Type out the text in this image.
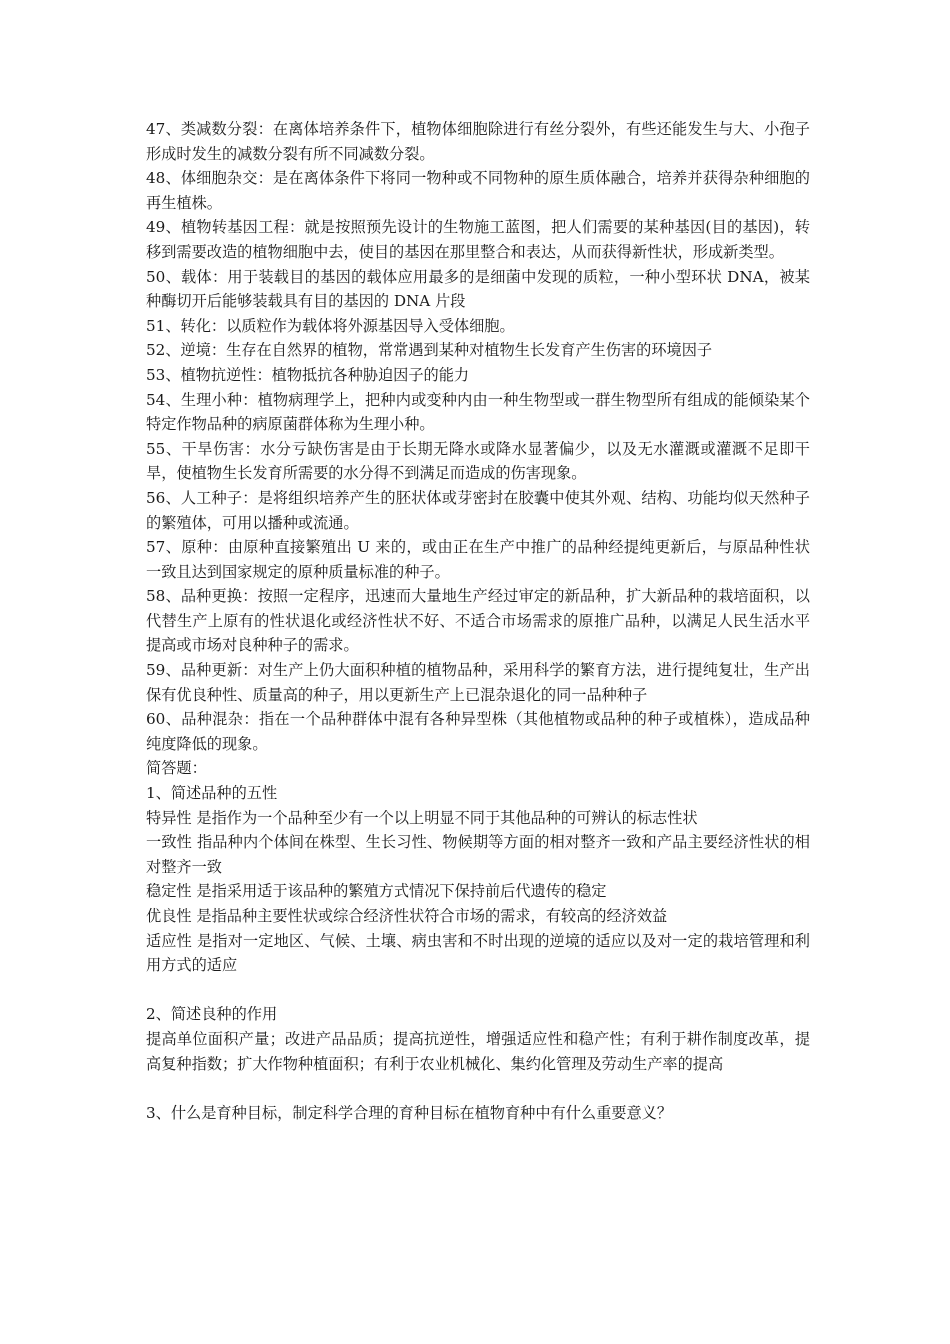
47、类减数分裂：在离体培养条件下，植物体细胞除进行有丝分裂外，有些还能发生与大、小孢子形成时发生的减数分裂有所不同减数分裂。

48、体细胞杂交：是在离体条件下将同一物种或不同物种的原生质体融合，培养并获得杂种细胞的再生植株。

49、植物转基因工程：就是按照预先设计的生物施工蓝图，把人们需要的某种基因(目的基因)，转移到需要改造的植物细胞中去，使目的基因在那里整合和表达，从而获得新性状，形成新类型。

50、载体：用于装载目的基因的载体应用最多的是细菌中发现的质粒，一种小型环状 DNA，被某种酶切开后能够装载具有目的基因的 DNA 片段

51、转化：以质粒作为载体将外源基因导入受体细胞。

52、逆境：生存在自然界的植物，常常遇到某种对植物生长发育产生伤害的环境因子

53、植物抗逆性：植物抵抗各种胁迫因子的能力

54、生理小种：植物病理学上，把种内或变种内由一种生物型或一群生物型所有组成的能倾染某个特定作物品种的病原菌群体称为生理小种。

55、干旱伤害：水分亏缺伤害是由于长期无降水或降水显著偏少，以及无水灌溉或灌溉不足即干旱，使植物生长发育所需要的水分得不到满足而造成的伤害现象。

56、人工种子：是将组织培养产生的胚状体或芽密封在胶囊中使其外观、结构、功能均似天然种子的繁殖体，可用以播种或流通。

57、原种：由原种直接繁殖出 U 来的，或由正在生产中推广的品种经提纯更新后，与原品种性状一致且达到国家规定的原种质量标准的种子。

58、品种更换：按照一定程序，迅速而大量地生产经过审定的新品种，扩大新品种的栽培面积，以代替生产上原有的性状退化或经济性状不好、不适合市场需求的原推广品种，以满足人民生活水平提高或市场对良种种子的需求。

59、品种更新：对生产上仍大面积种植的植物品种，采用科学的繁育方法，进行提纯复壮，生产出保有优良种性、质量高的种子，用以更新生产上已混杂退化的同一品种种子

60、品种混杂：指在一个品种群体中混有各种异型株（其他植物或品种的种子或植株），造成品种纯度降低的现象。

简答题：

1、简述品种的五性

特异性 是指作为一个品种至少有一个以上明显不同于其他品种的可辨认的标志性状

一致性 指品种内个体间在株型、生长习性、物候期等方面的相对整齐一致和产品主要经济性状的相对整齐一致

稳定性 是指采用适于该品种的繁殖方式情况下保持前后代遗传的稳定

优良性 是指品种主要性状或综合经济性状符合市场的需求，有较高的经济效益

适应性 是指对一定地区、气候、土壤、病虫害和不时出现的逆境的适应以及对一定的栽培管理和利用方式的适应

2、简述良种的作用

提高单位面积产量；改进产品品质；提高抗逆性，增强适应性和稳产性；有利于耕作制度改革，提高复种指数；扩大作物种植面积；有利于农业机械化、集约化管理及劳动生产率的提高

3、什么是育种目标，制定科学合理的育种目标在植物育种中有什么重要意义？
